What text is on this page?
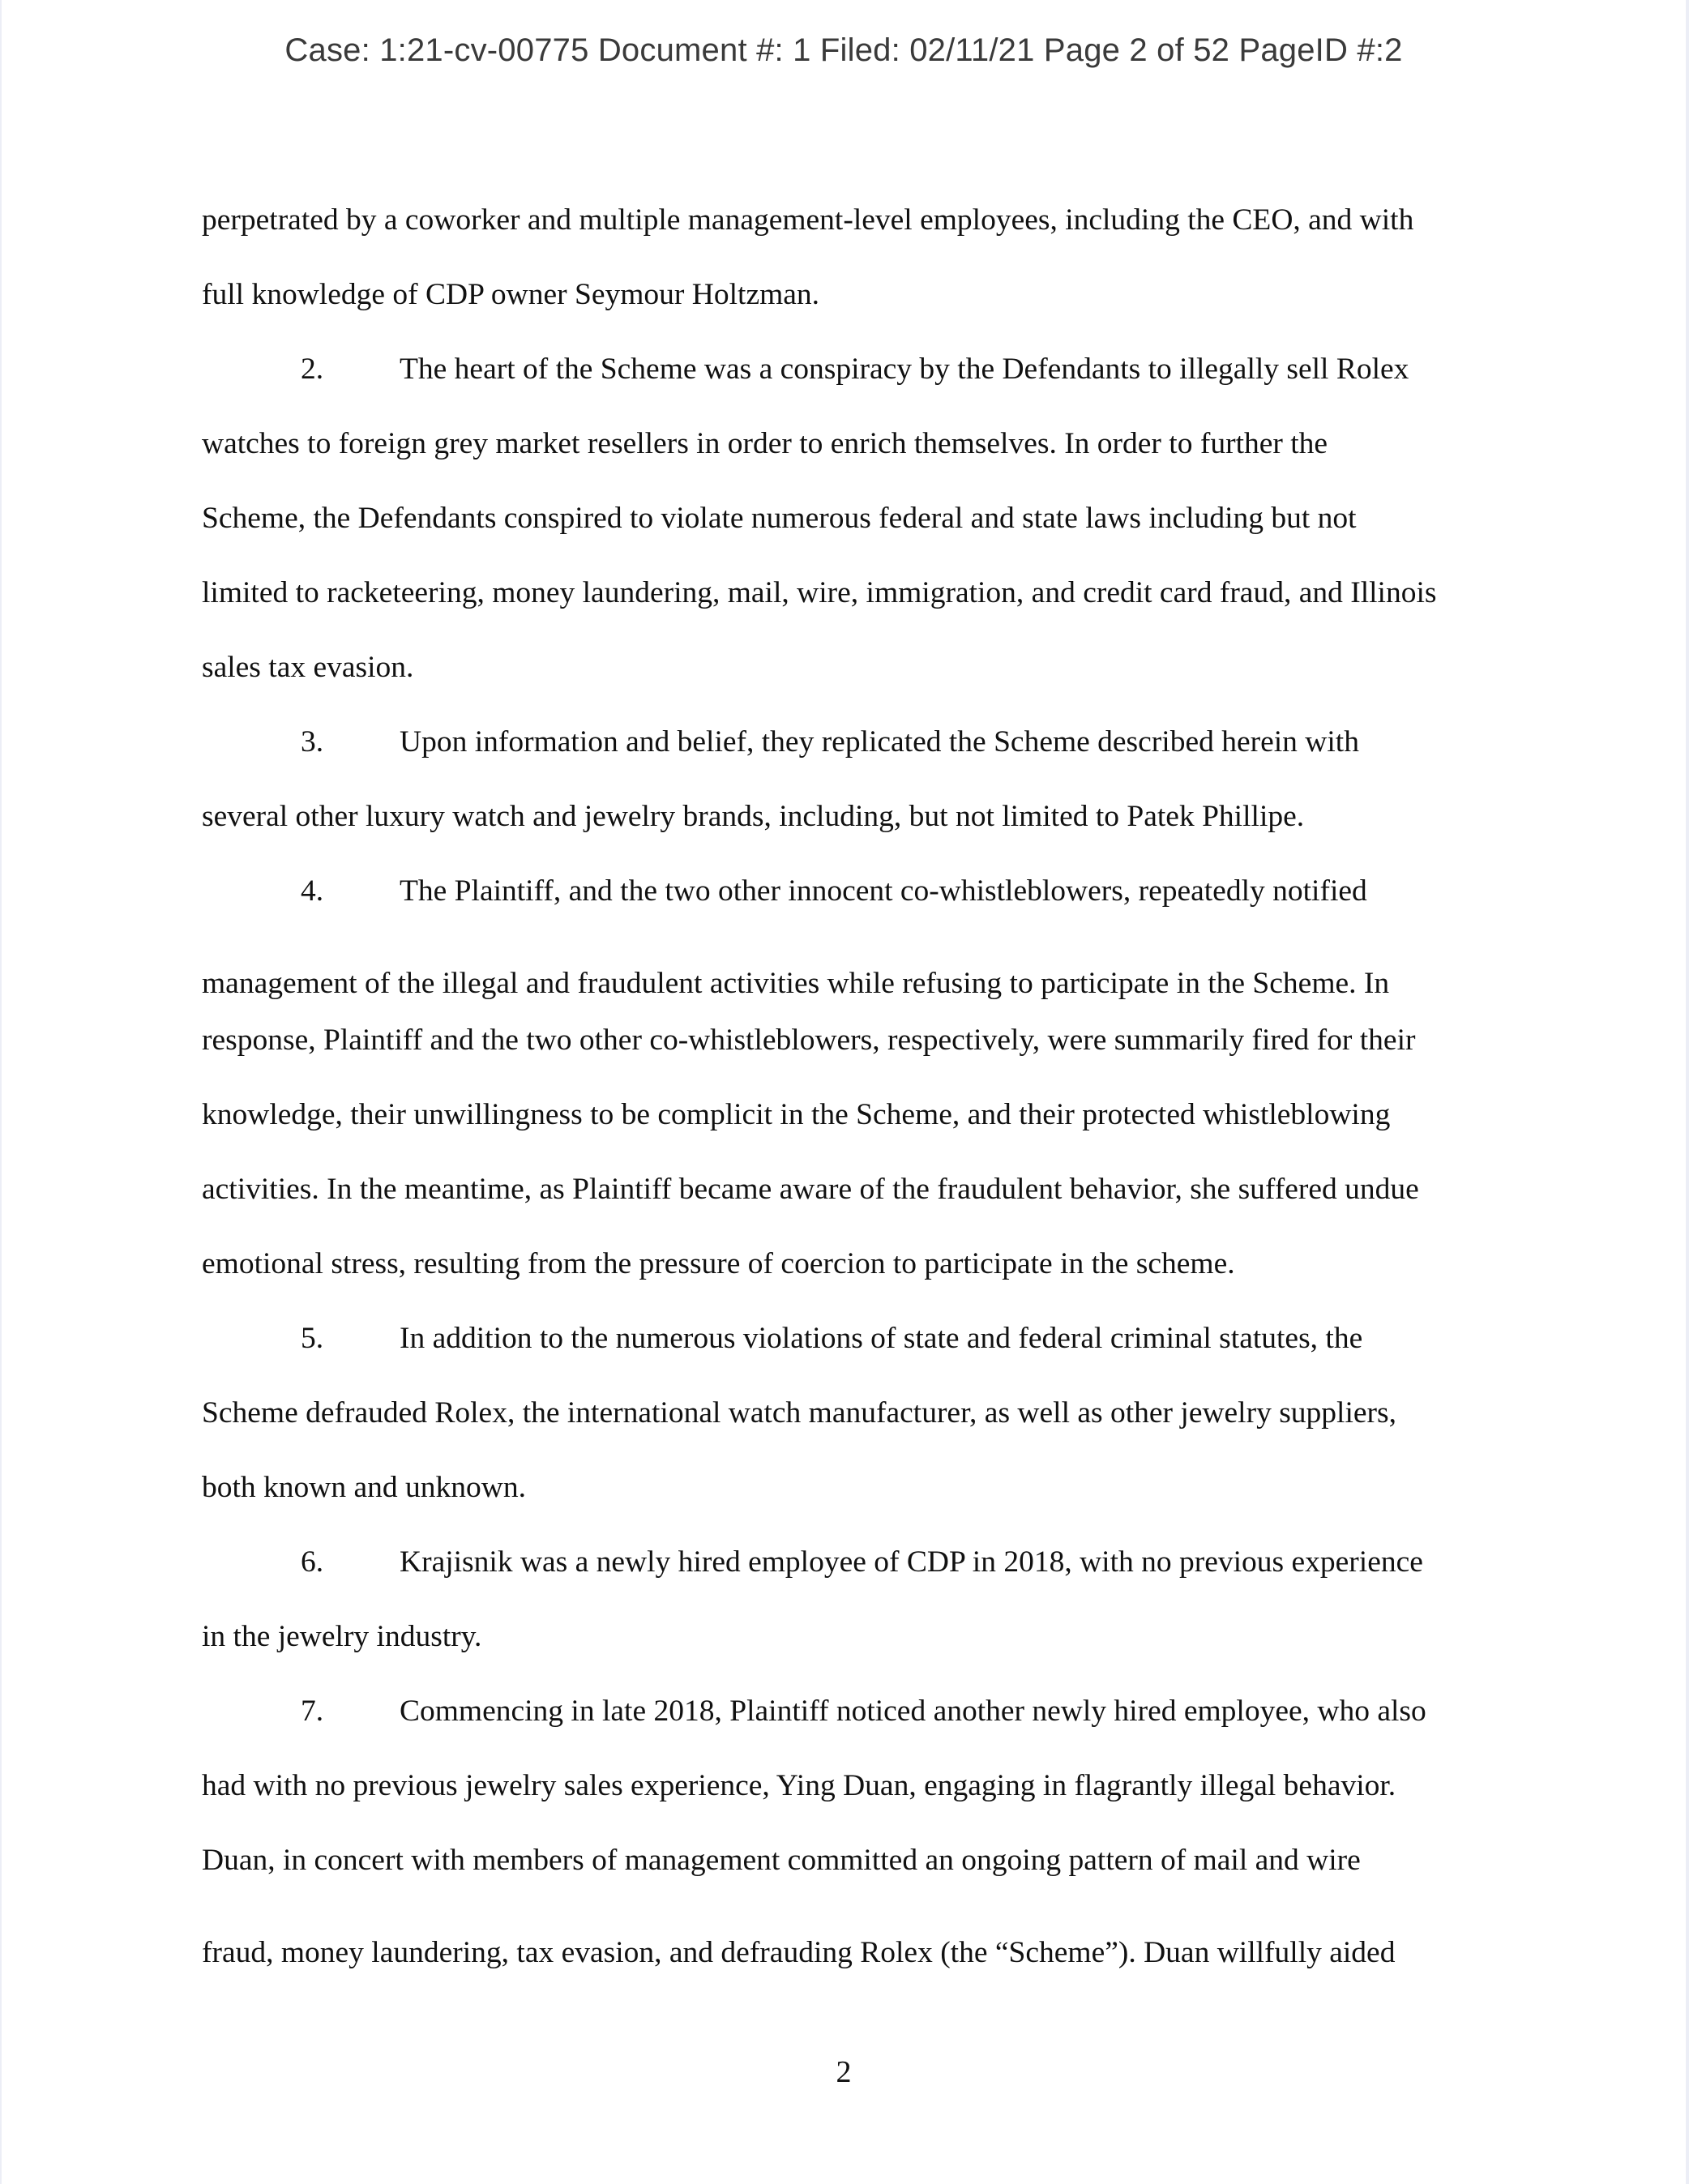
Case: 1:21-cv-00775 Document #: 1 Filed: 02/11/21 Page 2 of 52 PageID #:2
perpetrated by a coworker and multiple management-level employees, including the CEO, and with
full knowledge of CDP owner Seymour Holtzman.
2.	The heart of the Scheme was a conspiracy by the Defendants to illegally sell Rolex
watches to foreign grey market resellers in order to enrich themselves. In order to further the
Scheme, the Defendants conspired to violate numerous federal and state laws including but not
limited to racketeering, money laundering, mail, wire, immigration, and credit card fraud, and Illinois
sales tax evasion.
3.	Upon information and belief, they replicated the Scheme described herein with
several other luxury watch and jewelry brands, including, but not limited to Patek Phillipe.
4.	The Plaintiff, and the two other innocent co-whistleblowers, repeatedly notified
management of the illegal and fraudulent activities while refusing to participate in the Scheme. In
response, Plaintiff and the two other co-whistleblowers, respectively, were summarily fired for their
knowledge, their unwillingness to be complicit in the Scheme, and their protected whistleblowing
activities. In the meantime, as Plaintiff became aware of the fraudulent behavior, she suffered undue
emotional stress, resulting from the pressure of coercion to participate in the scheme.
5.	In addition to the numerous violations of state and federal criminal statutes, the
Scheme defrauded Rolex, the international watch manufacturer, as well as other jewelry suppliers,
both known and unknown.
6.	Krajisnik was a newly hired employee of CDP in 2018, with no previous experience
in the jewelry industry.
7.	Commencing in late 2018, Plaintiff noticed another newly hired employee, who also
had with no previous jewelry sales experience, Ying Duan, engaging in flagrantly illegal behavior.
Duan, in concert with members of management committed an ongoing pattern of mail and wire
fraud, money laundering, tax evasion, and defrauding Rolex (the “Scheme”). Duan willfully aided
2
